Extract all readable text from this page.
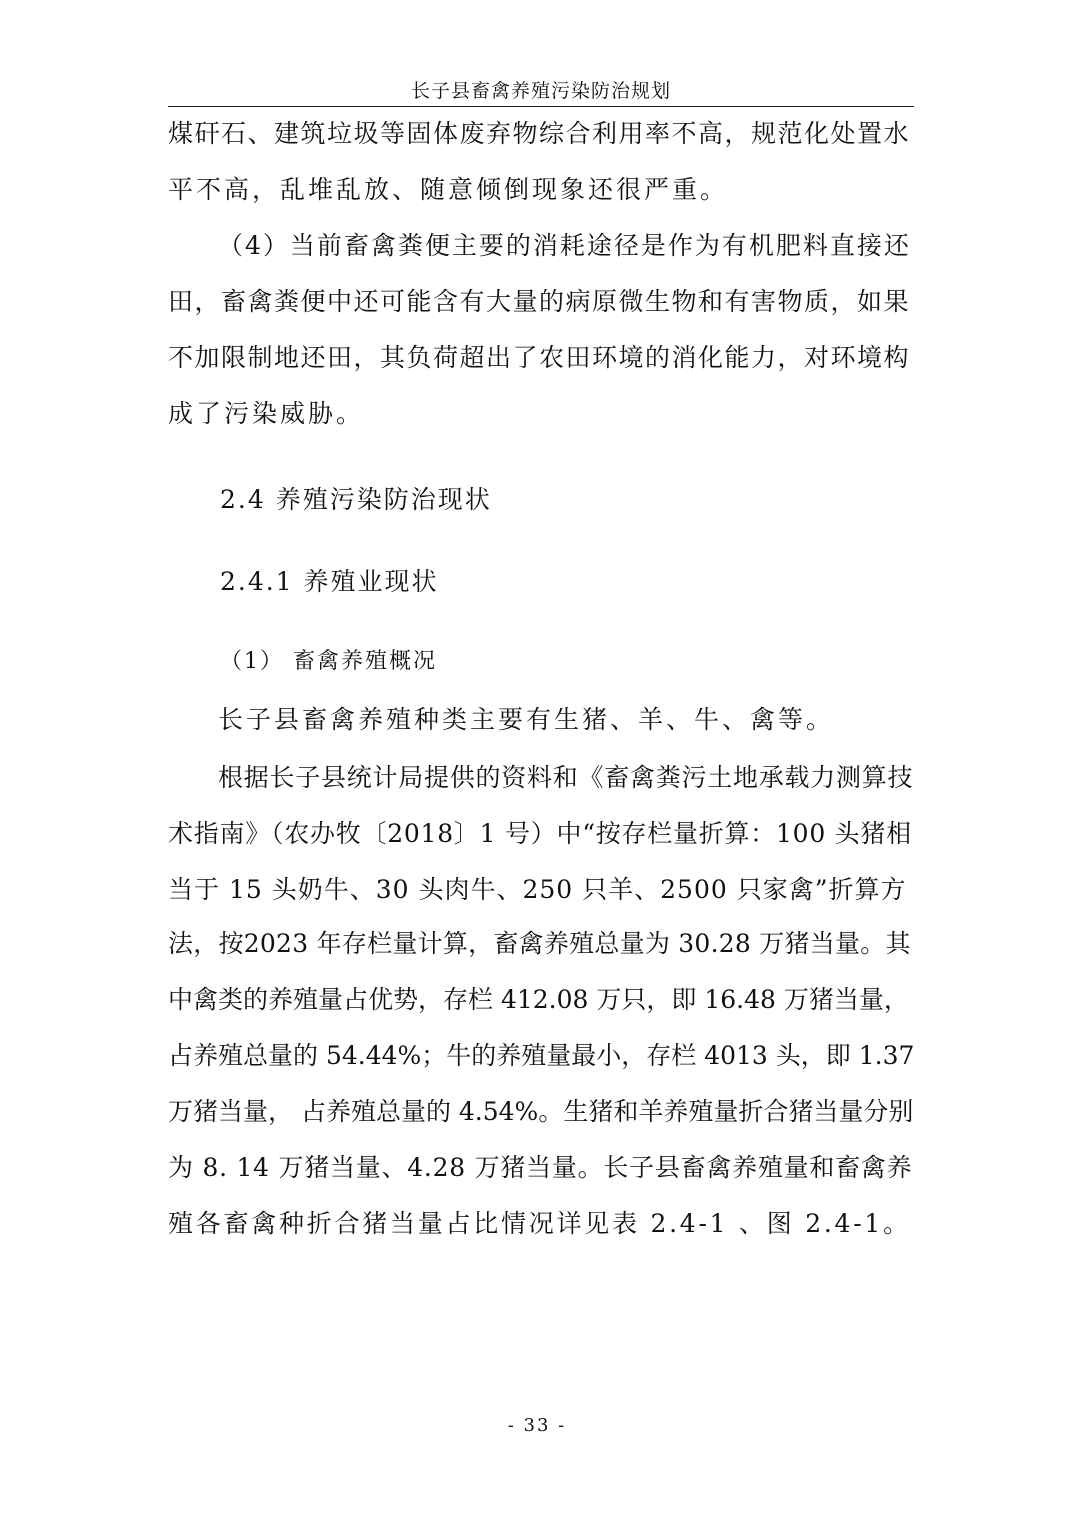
长子县畜禽养殖污染防治规划
煤矸石、建筑垃圾等固体废弃物综合利用率不高，规范化处置水
平不高，乱堆乱放、随意倾倒现象还很严重。
（4）当前畜禽粪便主要的消耗途径是作为有机肥料直接还
田，畜禽粪便中还可能含有大量的病原微生物和有害物质，如果
不加限制地还田，其负荷超出了农田环境的消化能力，对环境构
成了污染威胁。
2.4 养殖污染防治现状
2.4.1 养殖业现状
（1） 畜禽养殖概况
长子县畜禽养殖种类主要有生猪、羊、牛、禽等。
根据长子县统计局提供的资料和《畜禽粪污土地承载力测算技
术指南》（农办牧〔2018〕1 号）中“按存栏量折算：100 头猪相
当于 15 头奶牛、30 头肉牛、250 只羊、2500 只家禽”折算方
法，按2023 年存栏量计算，畜禽养殖总量为 30.28 万猪当量。其
中禽类的养殖量占优势，存栏 412.08 万只，即 16.48 万猪当量，
占养殖总量的 54.44%；牛的养殖量最小，存栏 4013 头，即 1.37
万猪当量， 占养殖总量的 4.54%。生猪和羊养殖量折合猪当量分别
为 8. 14 万猪当量、4.28 万猪当量。长子县畜禽养殖量和畜禽养
殖各畜禽种折合猪当量占比情况详见表 2.4-1 、图 2.4-1。
- 33 -
